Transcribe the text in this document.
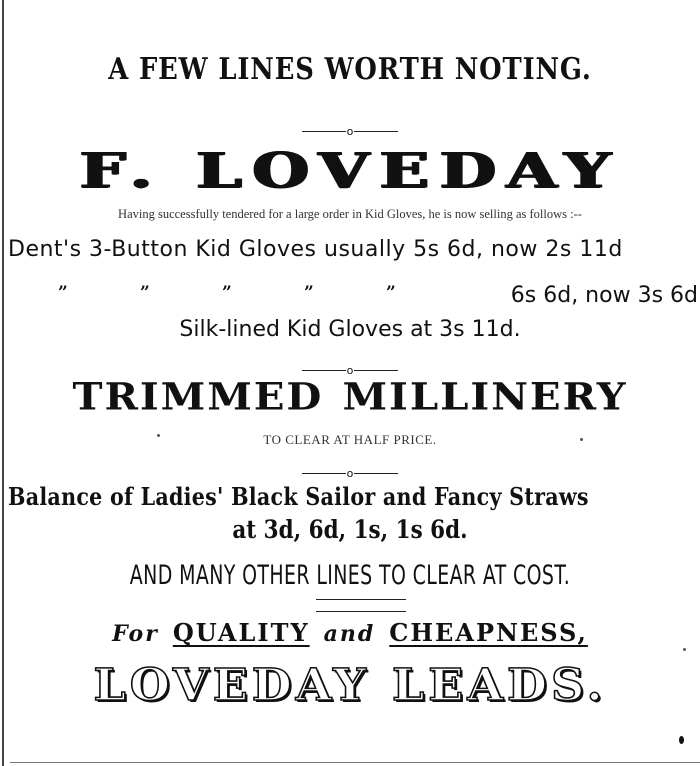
A FEW LINES WORTH NOTING.
o
F. LOVEDAY
Having successfully tendered for a large order in Kid Gloves, he is now selling as follows :--
Dent's 3-Button Kid Gloves usually 5s 6d, now 2s 11d
”	”	”	”	”	6s 6d, now 3s 6d
Silk-lined Kid Gloves at 3s 11d.
o
TRIMMED MILLINERY
TO CLEAR AT HALF PRICE.
o
Balance of Ladies' Black Sailor and Fancy Straws
at 3d, 6d, 1s, 1s 6d.
AND MANY OTHER LINES TO CLEAR AT COST.
For QUALITY and CHEAPNESS,
LOVEDAY LEADS.
